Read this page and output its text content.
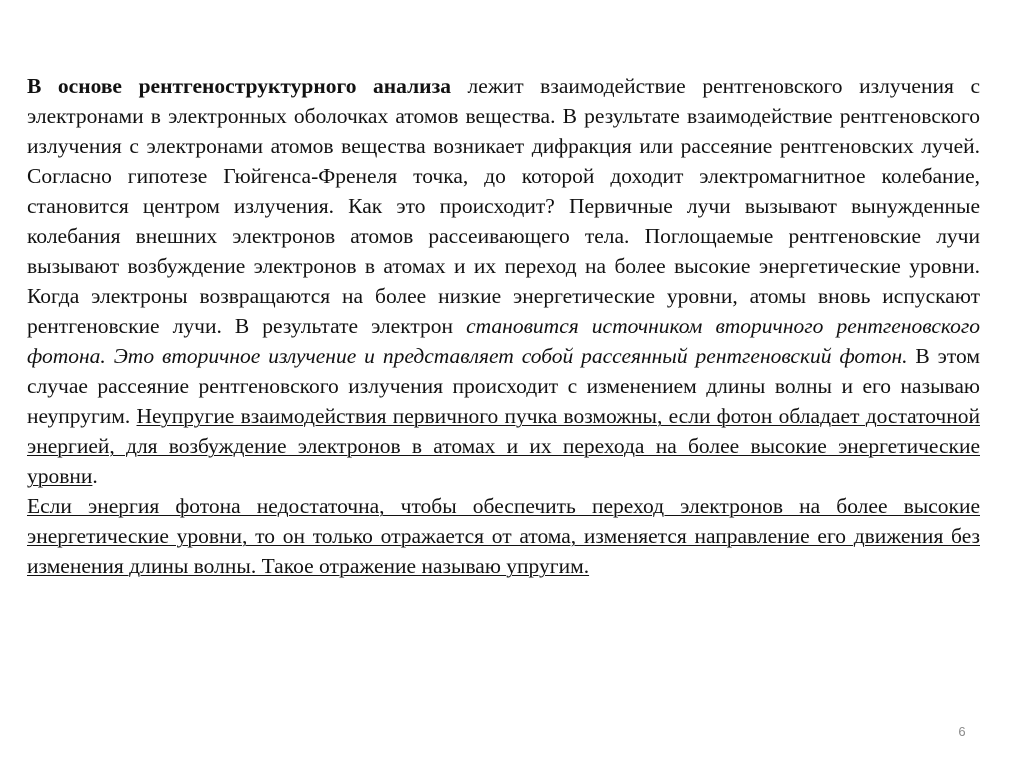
В основе рентгеноструктурного анализа лежит взаимодействие рентгеновского излучения с электронами в электронных оболочках атомов вещества. В результате взаимодействие рентгеновского излучения с электронами атомов вещества возникает дифракция или рассеяние рентгеновских лучей. Согласно гипотезе Гюйгенса-Френеля точка, до которой доходит электромагнитное колебание, становится центром излучения. Как это происходит? Первичные лучи вызывают вынужденные колебания внешних электронов атомов рассеивающего тела. Поглощаемые рентгеновские лучи вызывают возбуждение электронов в атомах и их переход на более высокие энергетические уровни. Когда электроны возвращаются на более низкие энергетические уровни, атомы вновь испускают рентгеновские лучи. В результате электрон становится источником вторичного рентгеновского фотона. Это вторичное излучение и представляет собой рассеянный рентгеновский фотон. В этом случае рассеяние рентгеновского излучения происходит с изменением длины волны и его называю неупругим. Неупругие взаимодействия первичного пучка возможны, если фотон обладает достаточной энергией, для возбуждение электронов в атомах и их перехода на более высокие энергетические уровни.

Если энергия фотона недостаточна, чтобы обеспечить переход электронов на более высокие энергетические уровни, то он только отражается от атома, изменяется направление его движения без изменения длины волны. Такое отражение называю упругим.

6
